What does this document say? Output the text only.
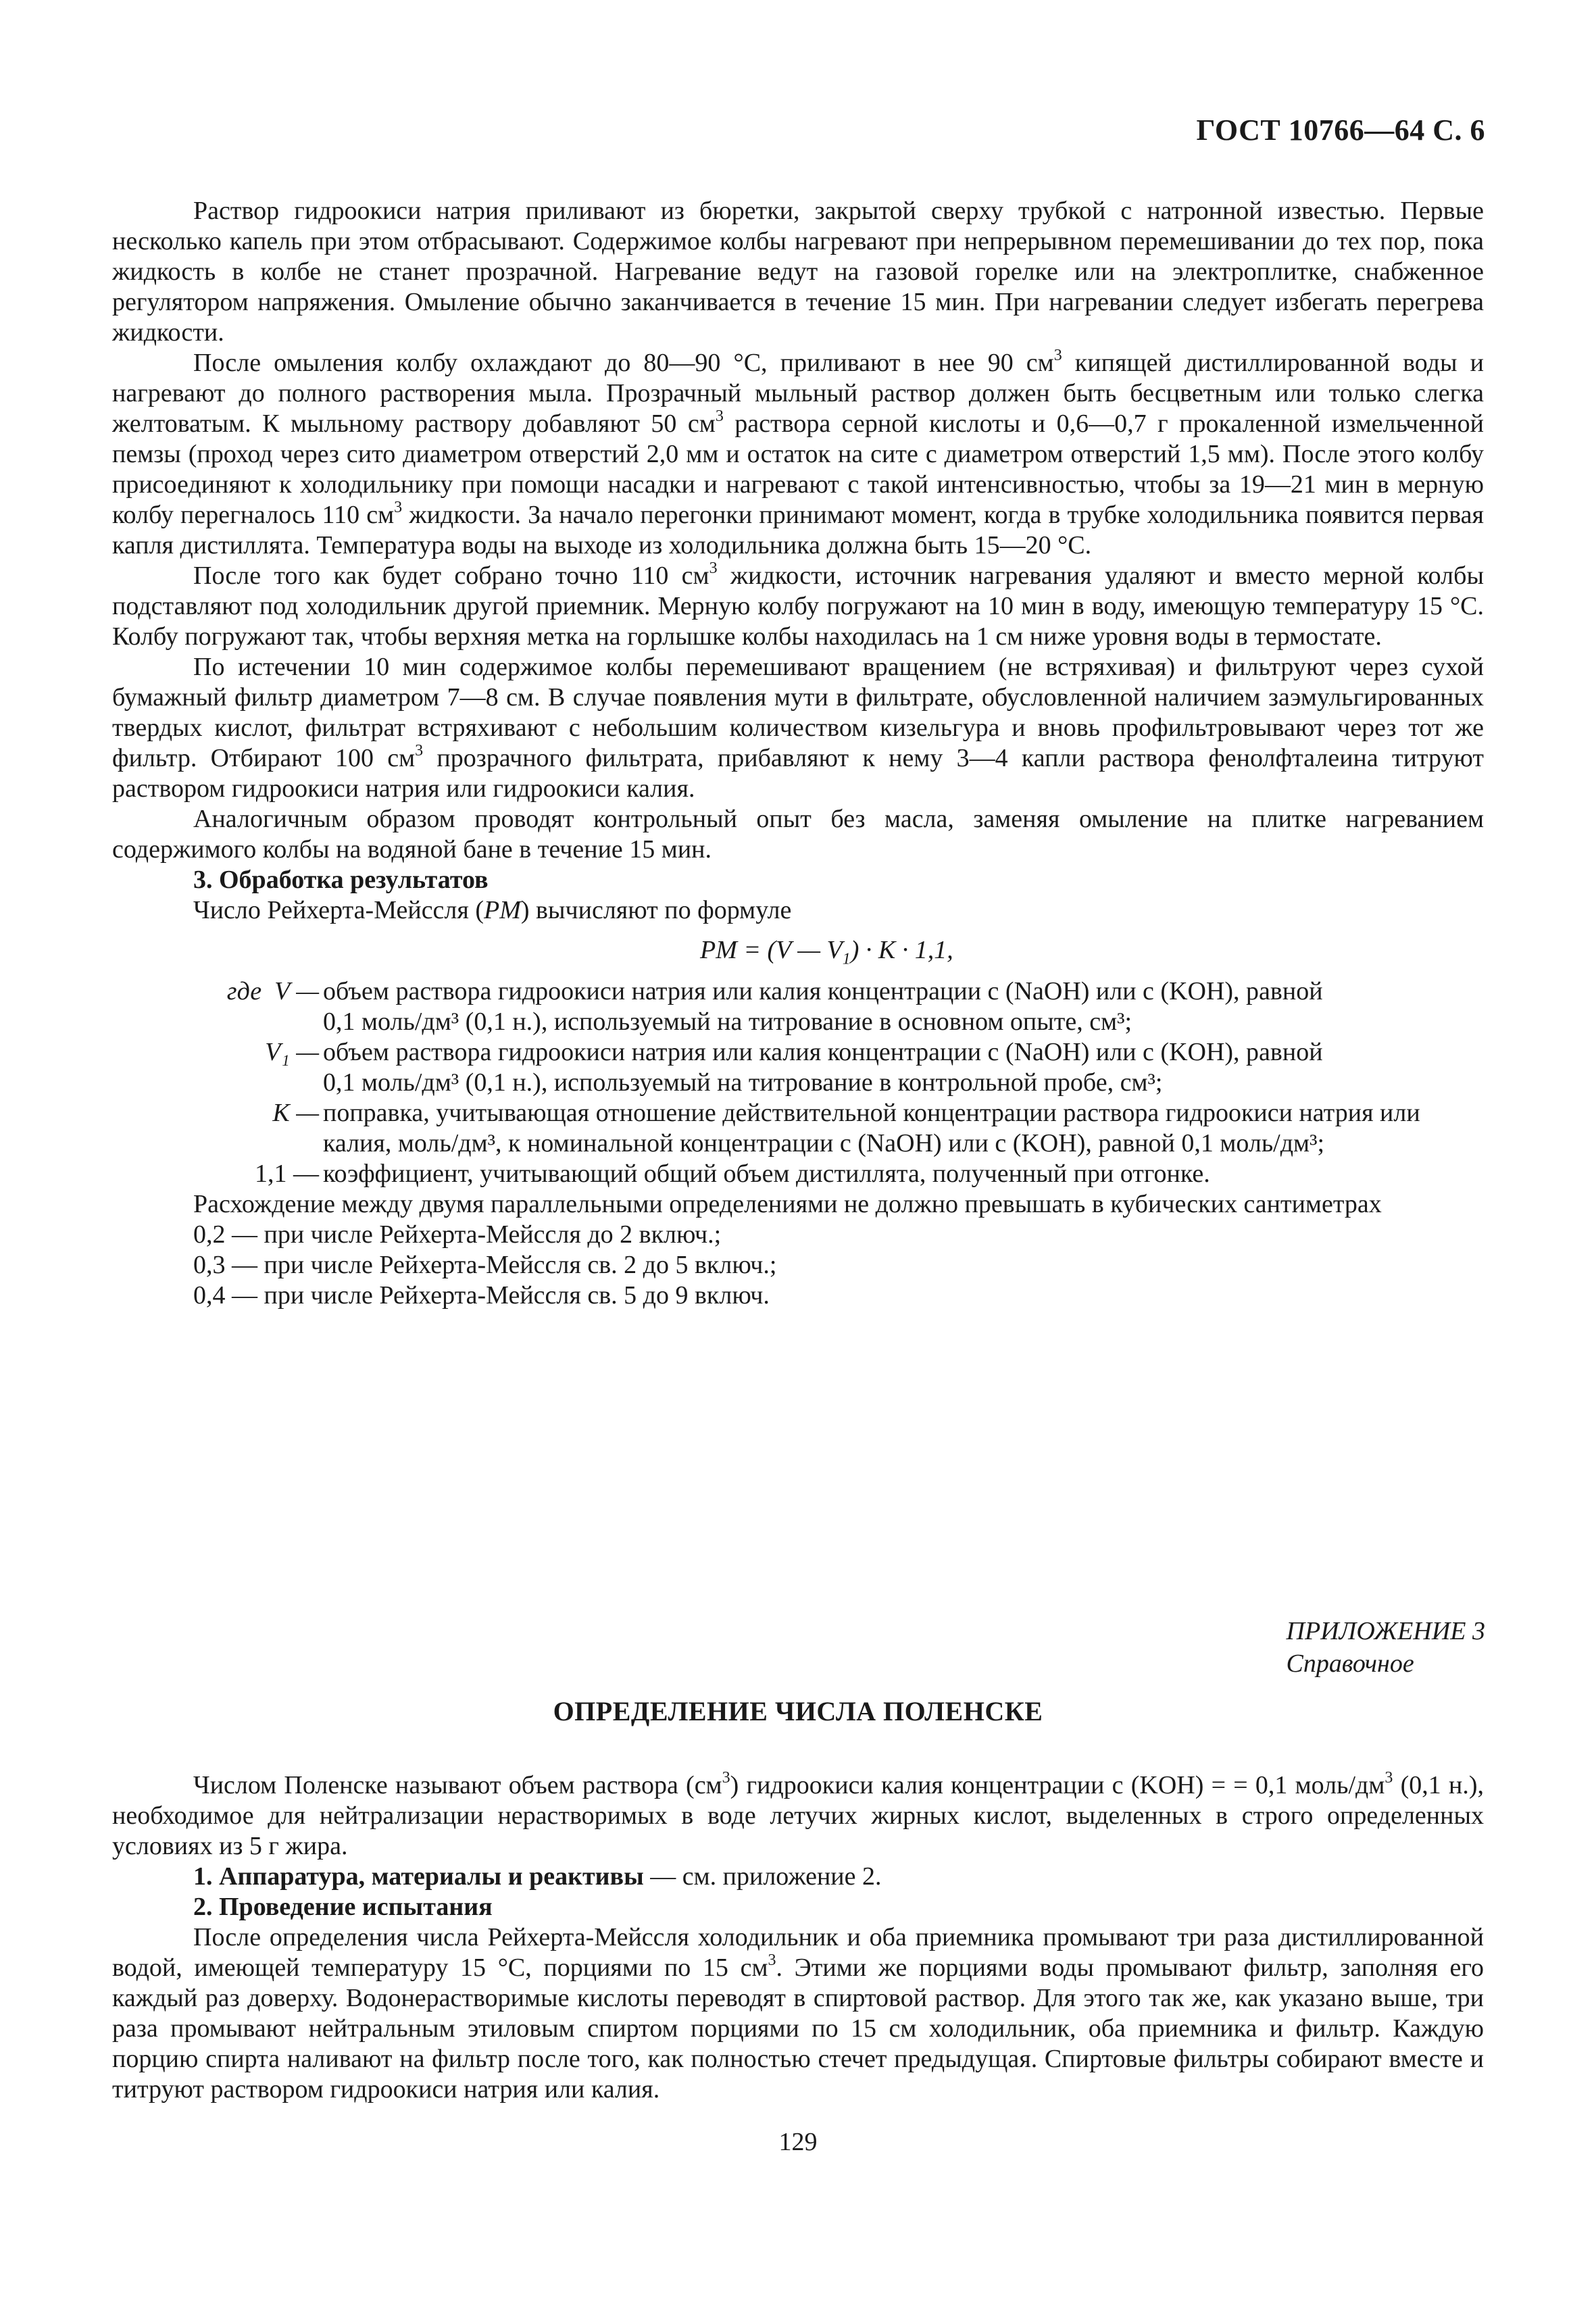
ГОСТ 10766—64 С. 6

Раствор гидроокиси натрия приливают из бюретки, закрытой сверху трубкой с натронной известью. Первые несколько капель при этом отбрасывают. Содержимое колбы нагревают при непрерывном перемешивании до тех пор, пока жидкость в колбе не станет прозрачной. Нагревание ведут на газовой горелке или на электроплитке, снабженное регулятором напряжения. Омыление обычно заканчивается в течение 15 мин. При нагревании следует избегать перегрева жидкости.

После омыления колбу охлаждают до 80—90 °С, приливают в нее 90 $см^3$ кипящей дистиллированной воды и нагревают до полного растворения мыла. Прозрачный мыльный раствор должен быть бесцветным или только слегка желтоватым. К мыльному раствору добавляют 50 $см^3$ раствора серной кислоты и 0,6—0,7 г прокаленной измельченной пемзы (проход через сито диаметром отверстий 2,0 мм и остаток на сите с диаметром отверстий 1,5 мм). После этого колбу присоединяют к холодильнику при помощи насадки и нагревают с такой интенсивностью, чтобы за 19—21 мин в мерную колбу перегналось 110 $см^3$ жидкости. За начало перегонки принимают момент, когда в трубке холодильника появится первая капля дистиллята. Температура воды на выходе из холодильника должна быть 15—20 °С.

После того как будет собрано точно 110 $см^3$ жидкости, источник нагревания удаляют и вместо мерной колбы подставляют под холодильник другой приемник. Мерную колбу погружают на 10 мин в воду, имеющую температуру 15 °С. Колбу погружают так, чтобы верхняя метка на горлышке колбы находилась на 1 см ниже уровня воды в термостате.

По истечении 10 мин содержимое колбы перемешивают вращением (не встряхивая) и фильтруют через сухой бумажный фильтр диаметром 7—8 см. В случае появления мути в фильтрате, обусловленной наличием заэмульгированных твердых кислот, фильтрат встряхивают с небольшим количеством кизельгура и вновь профильтровывают через тот же фильтр. Отбирают 100 $см^3$ прозрачного фильтрата, прибавляют к нему 3—4 капли раствора фенолфталеина титруют раствором гидроокиси натрия или гидроокиси калия.

Аналогичным образом проводят контрольный опыт без масла, заменяя омыление на плитке нагреванием содержимого колбы на водяной бане в течение 15 мин.

3. Обработка результатов

Число Рейхерта-Мейссля (PM) вычисляют по формуле

PM = (V — $V_1) \cdot K \cdot 1,1$,

где  V — объем раствора гидроокиси натрия или калия концентрации c (NaOH) или c (KOH), равной
0,1 моль/дм³ (0,1 н.), используемый на титрование в основном опыте, см³;
V₁ — объем раствора гидроокиси натрия или калия концентрации c (NaOH) или c (KOH), равной
0,1 моль/дм³ (0,1 н.), используемый на титрование в контрольной пробе, см³;
K — поправка, учитывающая отношение действительной концентрации раствора гидроокиси натрия или
калия, моль/дм³, к номинальной концентрации c (NaOH) или c (KOH), равной 0,1 моль/дм³;
1,1 — коэффициент, учитывающий общий объем дистиллята, полученный при отгонке.

Расхождение между двумя параллельными определениями не должно превышать в кубических сантиметрах

0,2 — при числе Рейхерта-Мейссля до 2 включ.;

0,3 — при числе Рейхерта-Мейссля св. 2 до 5 включ.;

0,4 — при числе Рейхерта-Мейссля св. 5 до 9 включ.

ПРИЛОЖЕНИЕ 3
Справочное
ОПРЕДЕЛЕНИЕ ЧИСЛА ПОЛЕНСКЕ

Числом Поленске называют объем раствора $(см^3)$ гидроокиси калия концентрации c (KOH) = = 0,1 моль/$дм^3$ (0,1 н.), необходимое для нейтрализации нерастворимых в воде летучих жирных кислот, выделенных в строго определенных условиях из 5 г жира.

1. Аппаратура, материалы и реактивы — см. приложение 2.

2. Проведение испытания

После определения числа Рейхерта-Мейссля холодильник и оба приемника промывают три раза дистиллированной водой, имеющей температуру 15 °С, порциями по 15 $см^3$. Этими же порциями воды промывают фильтр, заполняя его каждый раз доверху. Водонерастворимые кислоты переводят в спиртовой раствор. Для этого так же, как указано выше, три раза промывают нейтральным этиловым спиртом порциями по 15 см холодильник, оба приемника и фильтр. Каждую порцию спирта наливают на фильтр после того, как полностью стечет предыдущая. Спиртовые фильтры собирают вместе и титруют раствором гидроокиси натрия или калия.

129
